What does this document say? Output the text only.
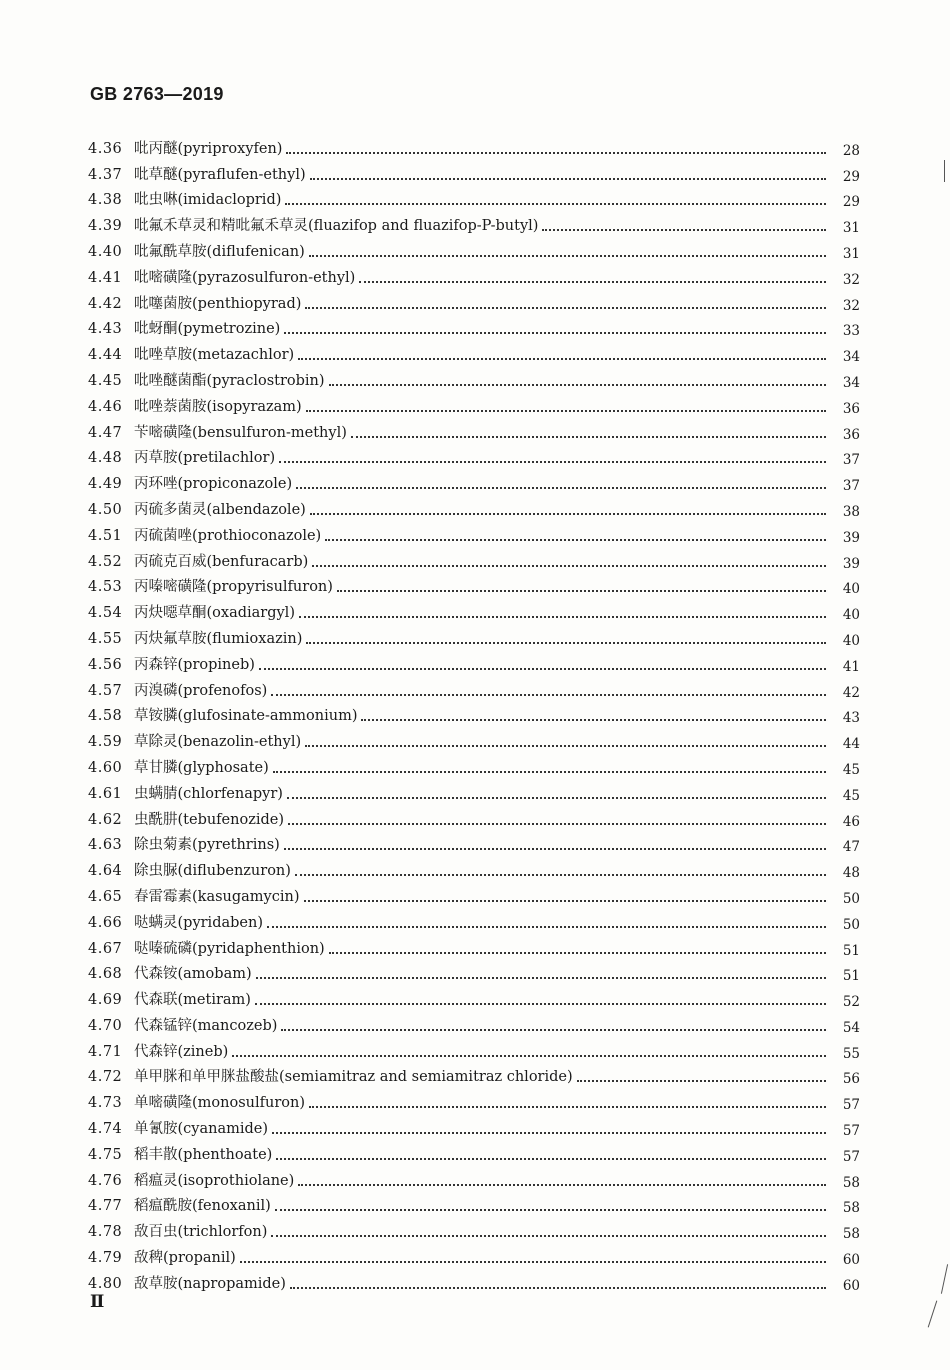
GB 2763—2019
4.36 吡丙醚(pyriproxyfen)	28
4.37 吡草醚(pyraflufen-ethyl)	29
4.38 吡虫啉(imidacloprid)	29
4.39 吡氟禾草灵和精吡氟禾草灵(fluazifop and fluazifop-P-butyl)	31
4.40 吡氟酰草胺(diflufenican)	31
4.41 吡嘧磺隆(pyrazosulfuron-ethyl)	32
4.42 吡噻菌胺(penthiopyrad)	32
4.43 吡蚜酮(pymetrozine)	33
4.44 吡唑草胺(metazachlor)	34
4.45 吡唑醚菌酯(pyraclostrobin)	34
4.46 吡唑萘菌胺(isopyrazam)	36
4.47 苄嘧磺隆(bensulfuron-methyl)	36
4.48 丙草胺(pretilachlor)	37
4.49 丙环唑(propiconazole)	37
4.50 丙硫多菌灵(albendazole)	38
4.51 丙硫菌唑(prothioconazole)	39
4.52 丙硫克百威(benfuracarb)	39
4.53 丙嗪嘧磺隆(propyrisulfuron)	40
4.54 丙炔噁草酮(oxadiargyl)	40
4.55 丙炔氟草胺(flumioxazin)	40
4.56 丙森锌(propineb)	41
4.57 丙溴磷(profenofos)	42
4.58 草铵膦(glufosinate-ammonium)	43
4.59 草除灵(benazolin-ethyl)	44
4.60 草甘膦(glyphosate)	45
4.61 虫螨腈(chlorfenapyr)	45
4.62 虫酰肼(tebufenozide)	46
4.63 除虫菊素(pyrethrins)	47
4.64 除虫脲(diflubenzuron)	48
4.65 春雷霉素(kasugamycin)	50
4.66 哒螨灵(pyridaben)	50
4.67 哒嗪硫磷(pyridaphenthion)	51
4.68 代森铵(amobam)	51
4.69 代森联(metiram)	52
4.70 代森锰锌(mancozeb)	54
4.71 代森锌(zineb)	55
4.72 单甲脒和单甲脒盐酸盐(semiamitraz and semiamitraz chloride)	56
4.73 单嘧磺隆(monosulfuron)	57
4.74 单氰胺(cyanamide)	57
4.75 稻丰散(phenthoate)	57
4.76 稻瘟灵(isoprothiolane)	58
4.77 稻瘟酰胺(fenoxanil)	58
4.78 敌百虫(trichlorfon)	58
4.79 敌稗(propanil)	60
4.80 敌草胺(napropamide)	60
Ⅱ
